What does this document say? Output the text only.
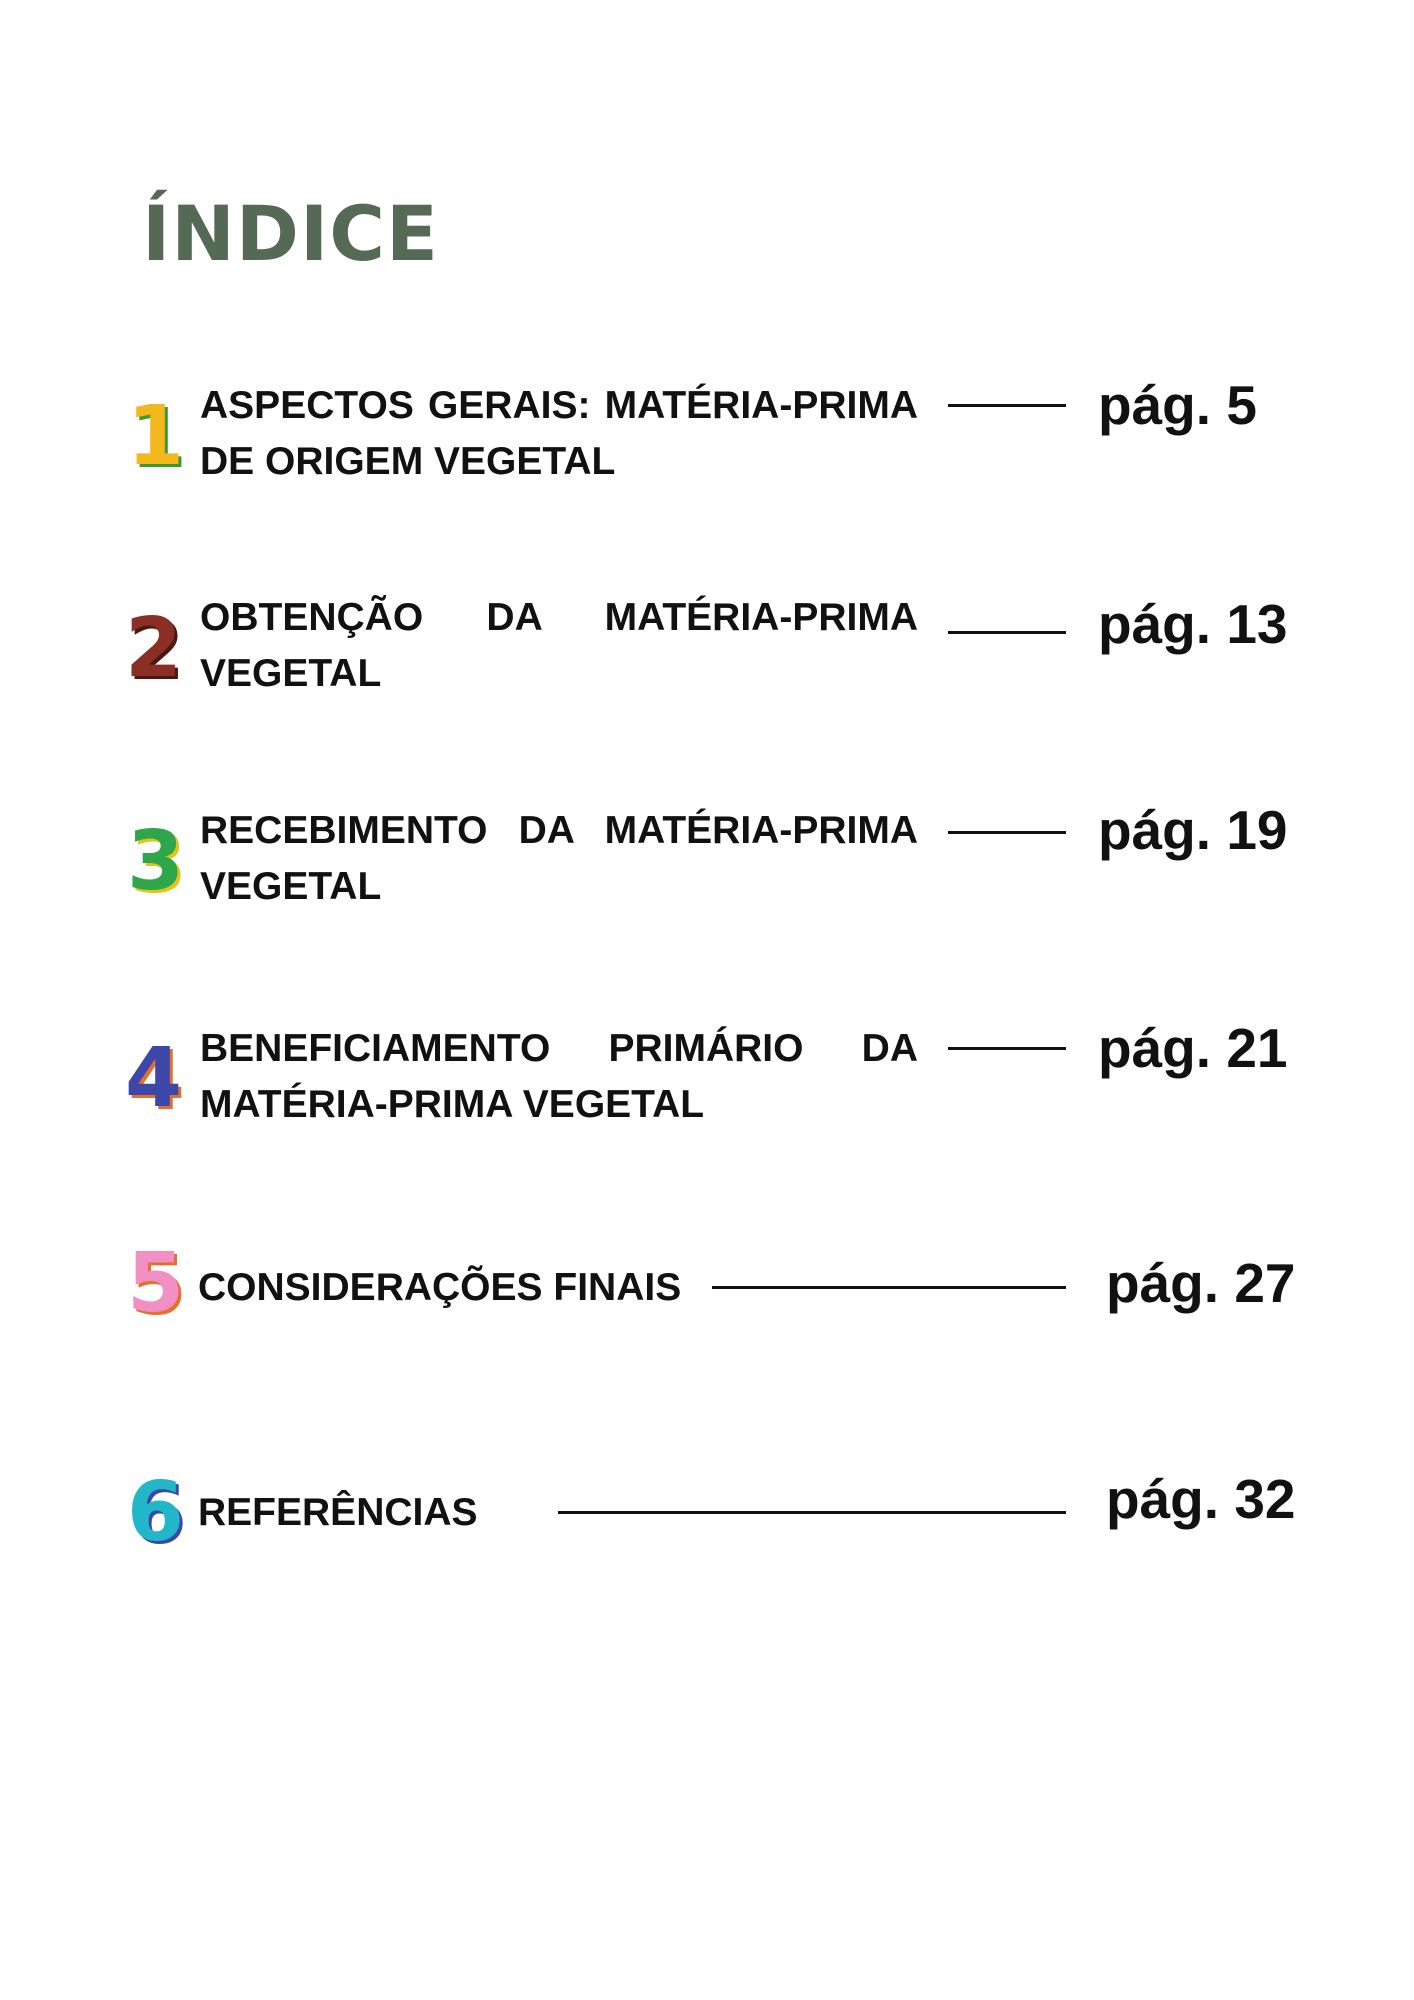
ÍNDICE
1 ASPECTOS GERAIS: MATÉRIA-PRIMA DE ORIGEM VEGETAL
pág. 5
2 OBTENÇÃO DA MATÉRIA-PRIMA VEGETAL
pág. 13
3 RECEBIMENTO DA MATÉRIA-PRIMA VEGETAL
pág. 19
4 BENEFICIAMENTO PRIMÁRIO DA MATÉRIA-PRIMA VEGETAL
pág. 21
5 CONSIDERAÇÕES FINAIS	pág. 27
6 REFERÊNCIAS	pág. 32
